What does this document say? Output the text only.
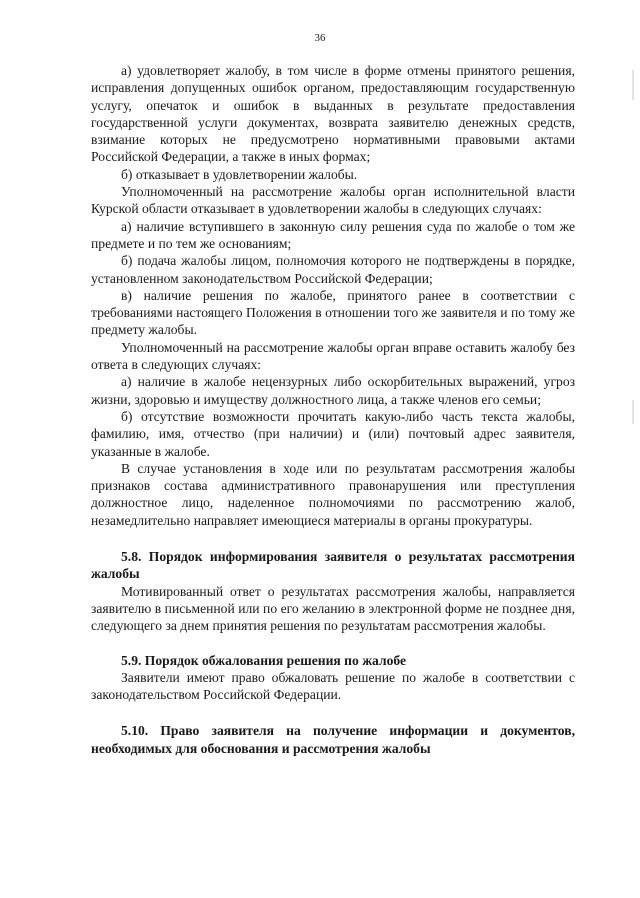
36

а) удовлетворяет жалобу, в том числе в форме отмены принятого решения, исправления допущенных ошибок органом, предоставляющим государственную услугу, опечаток и ошибок в выданных в результате предоставления государственной услуги документах, возврата заявителю денежных средств, взимание которых не предусмотрено нормативными правовыми актами Российской Федерации, а также в иных формах;

б) отказывает в удовлетворении жалобы.

Уполномоченный на рассмотрение жалобы орган исполнительной власти Курской области отказывает в удовлетворении жалобы в следующих случаях:

а) наличие вступившего в законную силу решения суда по жалобе о том же предмете и по тем же основаниям;

б) подача жалобы лицом, полномочия которого не подтверждены в порядке, установленном законодательством Российской Федерации;

в) наличие решения по жалобе, принятого ранее в соответствии с требованиями настоящего Положения в отношении того же заявителя и по тому же предмету жалобы.

Уполномоченный на рассмотрение жалобы орган вправе оставить жалобу без ответа в следующих случаях:

а) наличие в жалобе нецензурных либо оскорбительных выражений, угроз жизни, здоровью и имуществу должностного лица, а также членов его семьи;

б) отсутствие возможности прочитать какую-либо часть текста жалобы, фамилию, имя, отчество (при наличии) и (или) почтовый адрес заявителя, указанные в жалобе.

В случае установления в ходе или по результатам рассмотрения жалобы признаков состава административного правонарушения или преступления должностное лицо, наделенное полномочиями по рассмотрению жалоб, незамедлительно направляет имеющиеся материалы в органы прокуратуры.

5.8. Порядок информирования заявителя о результатах рассмотрения жалобы

Мотивированный ответ о результатах рассмотрения жалобы, направляется заявителю в письменной или по его желанию в электронной форме не позднее дня, следующего за днем принятия решения по результатам рассмотрения жалобы.

5.9. Порядок обжалования решения по жалобе

Заявители имеют право обжаловать решение по жалобе в соответствии с законодательством Российской Федерации.

5.10. Право заявителя на получение информации и документов, необходимых для обоснования и рассмотрения жалобы
